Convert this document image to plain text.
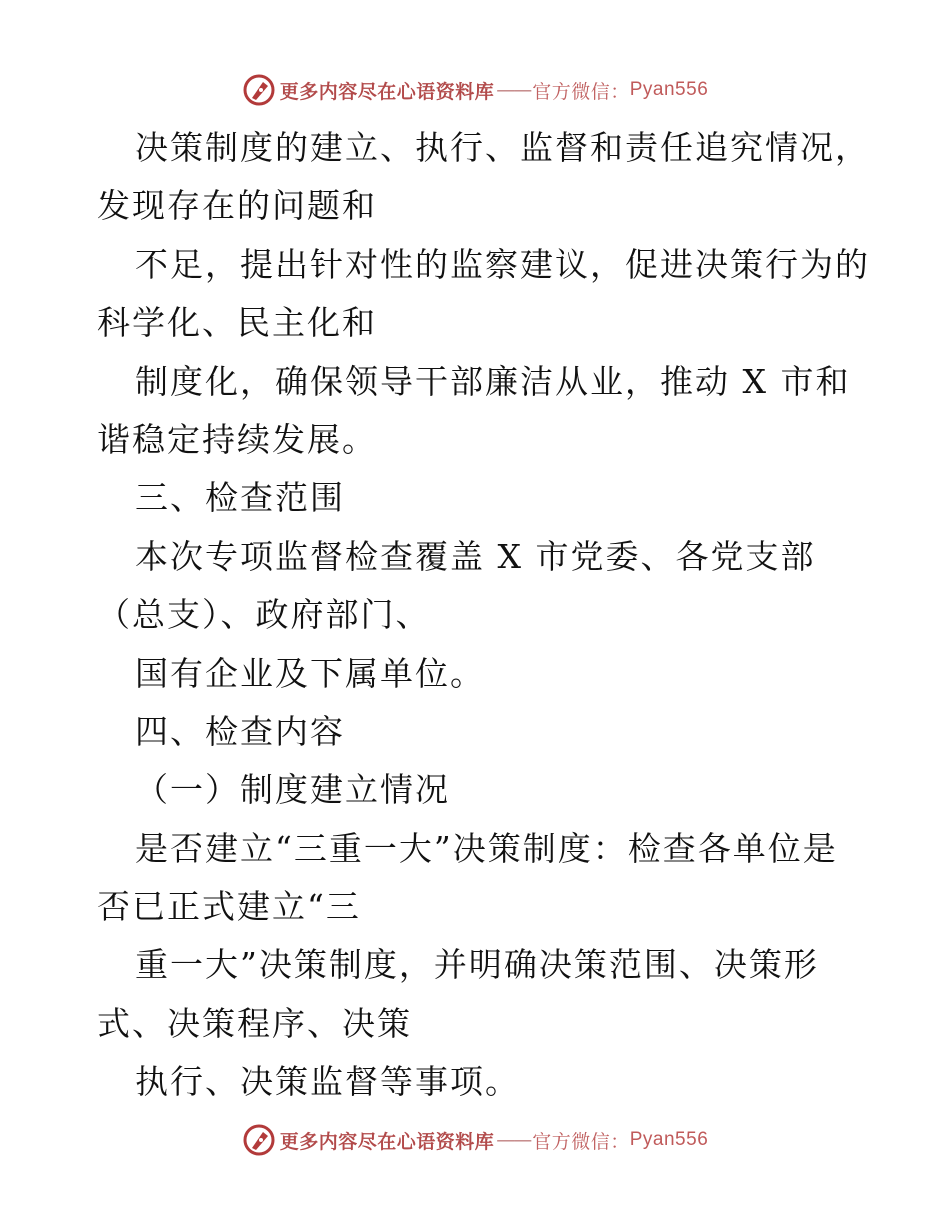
更多内容尽在心语资料库 —— 官方微信： Pyan556
决策制度的建立、执行、监督和责任追究情况，
发现存在的问题和
不足，提出针对性的监察建议，促进决策行为的
科学化、民主化和
制度化，确保领导干部廉洁从业，推动 X 市和
谐稳定持续发展。
三、检查范围
本次专项监督检查覆盖 X 市党委、各党支部
（总支）、政府部门、
国有企业及下属单位。
四、检查内容
（一）制度建立情况
是否建立“三重一大”决策制度：检查各单位是
否已正式建立“三
重一大”决策制度，并明确决策范围、决策形
式、决策程序、决策
执行、决策监督等事项。
更多内容尽在心语资料库 —— 官方微信： Pyan556
